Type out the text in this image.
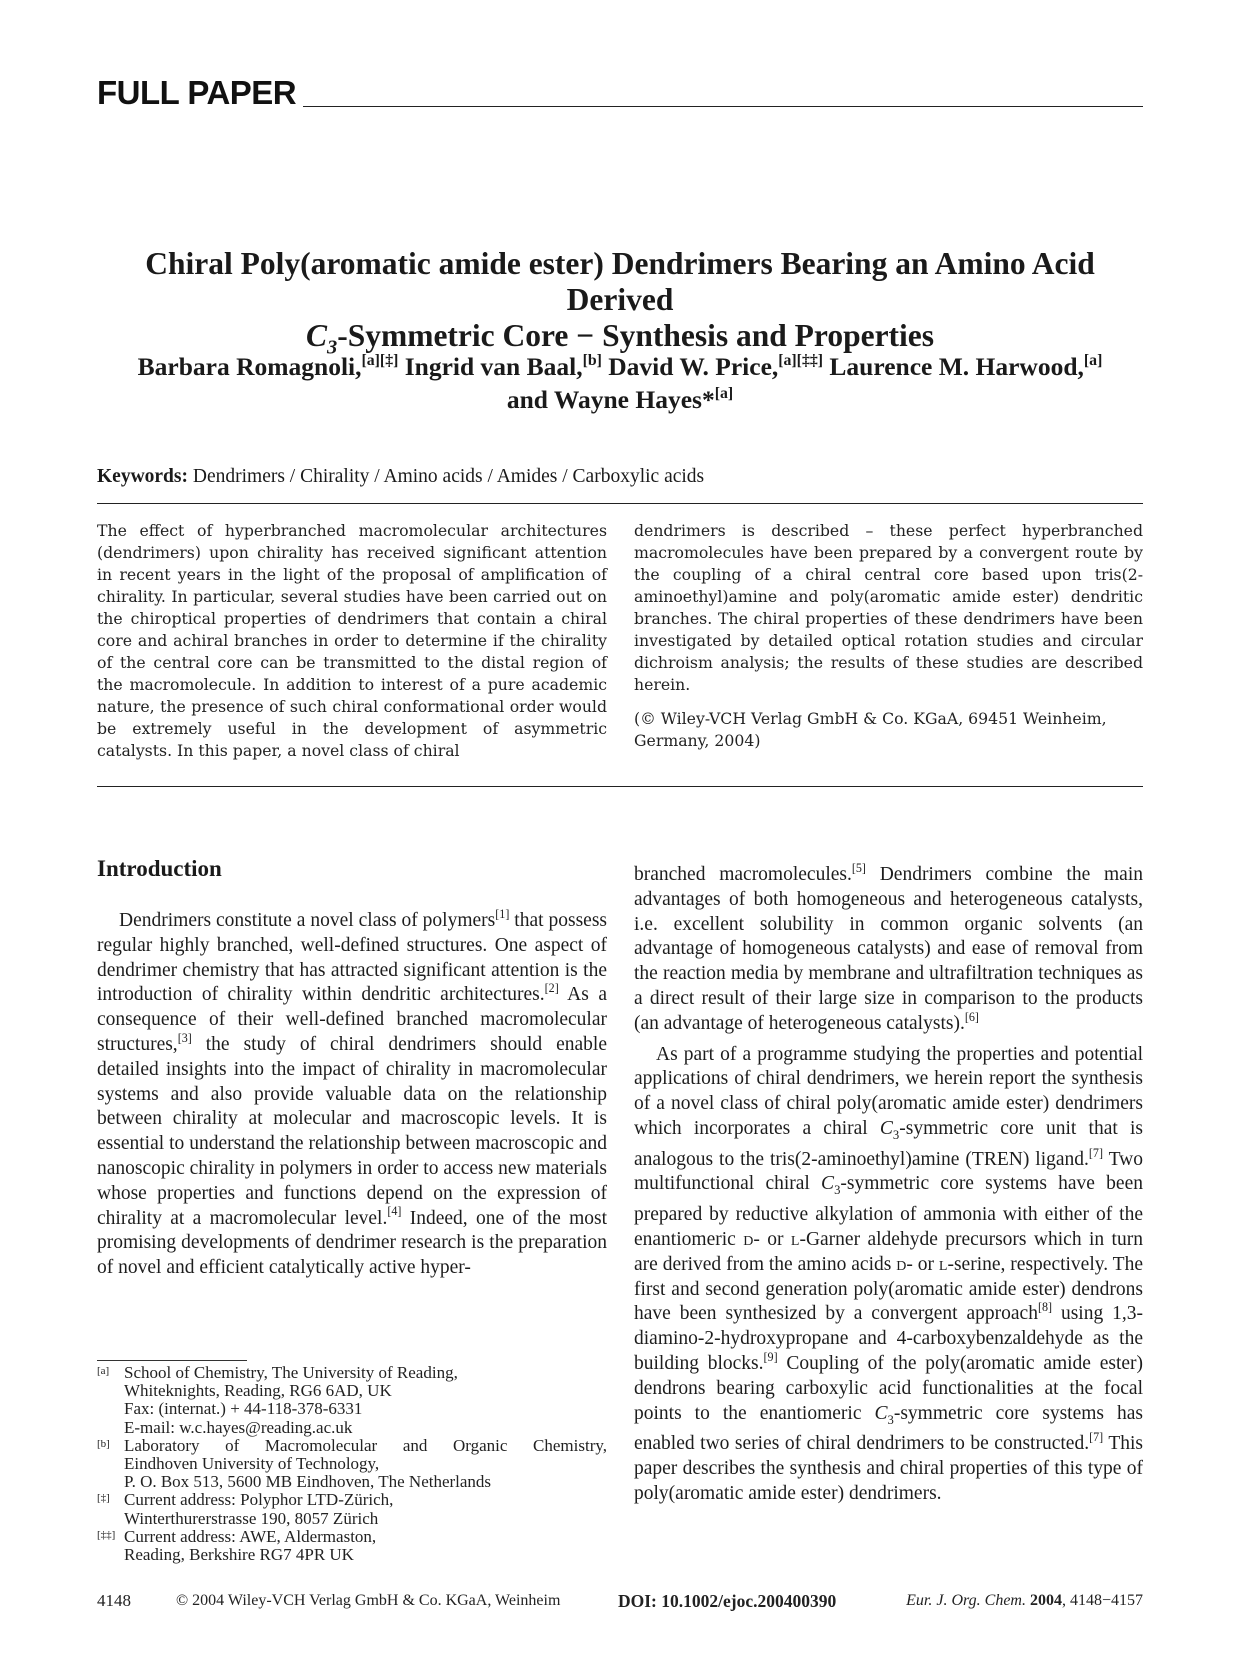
FULL PAPER
Chiral Poly(aromatic amide ester) Dendrimers Bearing an Amino Acid Derived
$C_3$-Symmetric Core − Synthesis and Properties
Barbara Romagnoli,[a][‡] Ingrid van Baal,[b] David W. Price,[a][‡‡] Laurence M. Harwood,[a]
and Wayne Hayes*[a]
Keywords: Dendrimers / Chirality / Amino acids / Amides / Carboxylic acids

The effect of hyperbranched macromolecular architectures (dendrimers) upon chirality has received significant attention in recent years in the light of the proposal of amplification of chirality. In particular, several studies have been carried out on the chiroptical properties of dendrimers that contain a chiral core and achiral branches in order to determine if the chirality of the central core can be transmitted to the distal region of the macromolecule. In addition to interest of a pure academic nature, the presence of such chiral conformational order would be extremely useful in the development of asymmetric catalysts. In this paper, a novel class of chiral

dendrimers is described – these perfect hyperbranched macromolecules have been prepared by a convergent route by the coupling of a chiral central core based upon tris(2-aminoethyl)amine and poly(aromatic amide ester) dendritic branches. The chiral properties of these dendrimers have been investigated by detailed optical rotation studies and circular dichroism analysis; the results of these studies are described herein.

(© Wiley-VCH Verlag GmbH & Co. KGaA, 69451 Weinheim, Germany, 2004)

Introduction

Dendrimers constitute a novel class of polymers[1] that possess regular highly branched, well-defined structures. One aspect of dendrimer chemistry that has attracted significant attention is the introduction of chirality within dendritic architectures.[2] As a consequence of their well-defined branched macromolecular structures,[3] the study of chiral dendrimers should enable detailed insights into the impact of chirality in macromolecular systems and also provide valuable data on the relationship between chirality at molecular and macroscopic levels. It is essential to understand the relationship between macroscopic and nanoscopic chirality in polymers in order to access new materials whose properties and functions depend on the expression of chirality at a macromolecular level.[4] Indeed, one of the most promising developments of dendrimer research is the preparation of novel and efficient catalytically active hyper-

branched macromolecules.[5] Dendrimers combine the main advantages of both homogeneous and heterogeneous catalysts, i.e. excellent solubility in common organic solvents (an advantage of homogeneous catalysts) and ease of removal from the reaction media by membrane and ultrafiltration techniques as a direct result of their large size in comparison to the products (an advantage of heterogeneous catalysts).[6]

As part of a programme studying the properties and potential applications of chiral dendrimers, we herein report the synthesis of a novel class of chiral poly(aromatic amide ester) dendrimers which incorporates a chiral $C_3$-symmetric core unit that is analogous to the tris(2-aminoethyl)amine (TREN) ligand.[7] Two multifunctional chiral $C_3$-symmetric core systems have been prepared by reductive alkylation of ammonia with either of the enantiomeric d- or l-Garner aldehyde precursors which in turn are derived from the amino acids d- or l-serine, respectively. The first and second generation poly(aromatic amide ester) dendrons have been synthesized by a convergent approach[8] using 1,3-diamino-2-hydroxypropane and 4-carboxybenzaldehyde as the building blocks.[9] Coupling of the poly(aromatic amide ester) dendrons bearing carboxylic acid functionalities at the focal points to the enantiomeric $C_3$-symmetric core systems has enabled two series of chiral dendrimers to be constructed.[7] This paper describes the synthesis and chiral properties of this type of poly(aromatic amide ester) dendrimers.

[a] School of Chemistry, The University of Reading,
Whiteknights, Reading, RG6 6AD, UK
Fax: (internat.) + 44-118-378-6331
E-mail: w.c.hayes@reading.ac.uk
[b] Laboratory of Macromolecular and Organic Chemistry,
Eindhoven University of Technology,
P. O. Box 513, 5600 MB Eindhoven, The Netherlands
[‡] Current address: Polyphor LTD-Zürich,
Winterthurerstrasse 190, 8057 Zürich
[‡‡] Current address: AWE, Aldermaston,
Reading, Berkshire RG7 4PR UK
4148	© 2004 Wiley-VCH Verlag GmbH & Co. KGaA, Weinheim	DOI: 10.1002/ejoc.200400390	Eur. J. Org. Chem. 2004, 4148−4157
